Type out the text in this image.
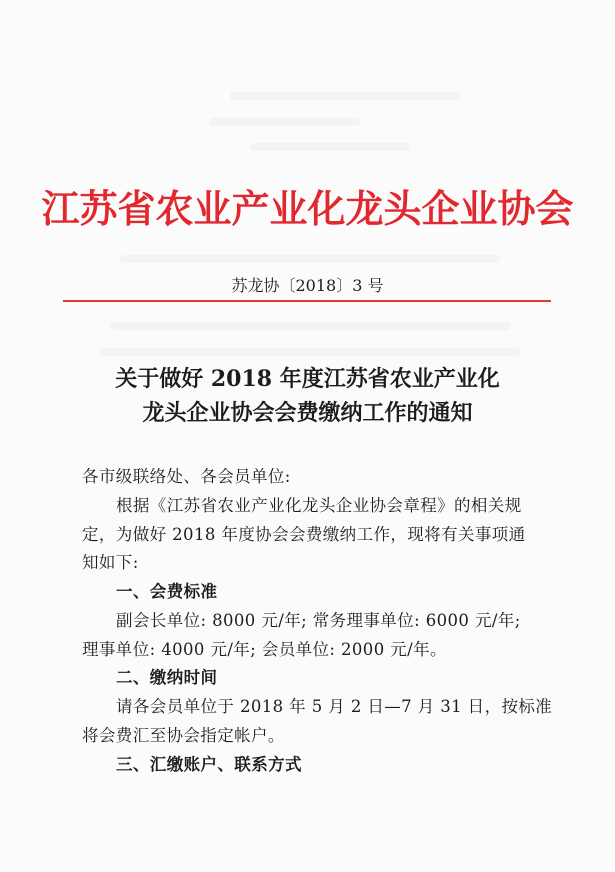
江苏省农业产业化龙头企业协会
苏龙协〔2018〕3 号
关于做好 2018 年度江苏省农业产业化
龙头企业协会会费缴纳工作的通知
各市级联络处、各会员单位:
根据《江苏省农业产业化龙头企业协会章程》的相关规
定，为做好 2018 年度协会会费缴纳工作，现将有关事项通
知如下:
一、会费标准
副会长单位: 8000 元/年; 常务理事单位: 6000 元/年;
理事单位: 4000 元/年; 会员单位: 2000 元/年。
二、缴纳时间
请各会员单位于 2018 年 5 月 2 日—7 月 31 日，按标准
将会费汇至协会指定帐户。
三、汇缴账户、联系方式
